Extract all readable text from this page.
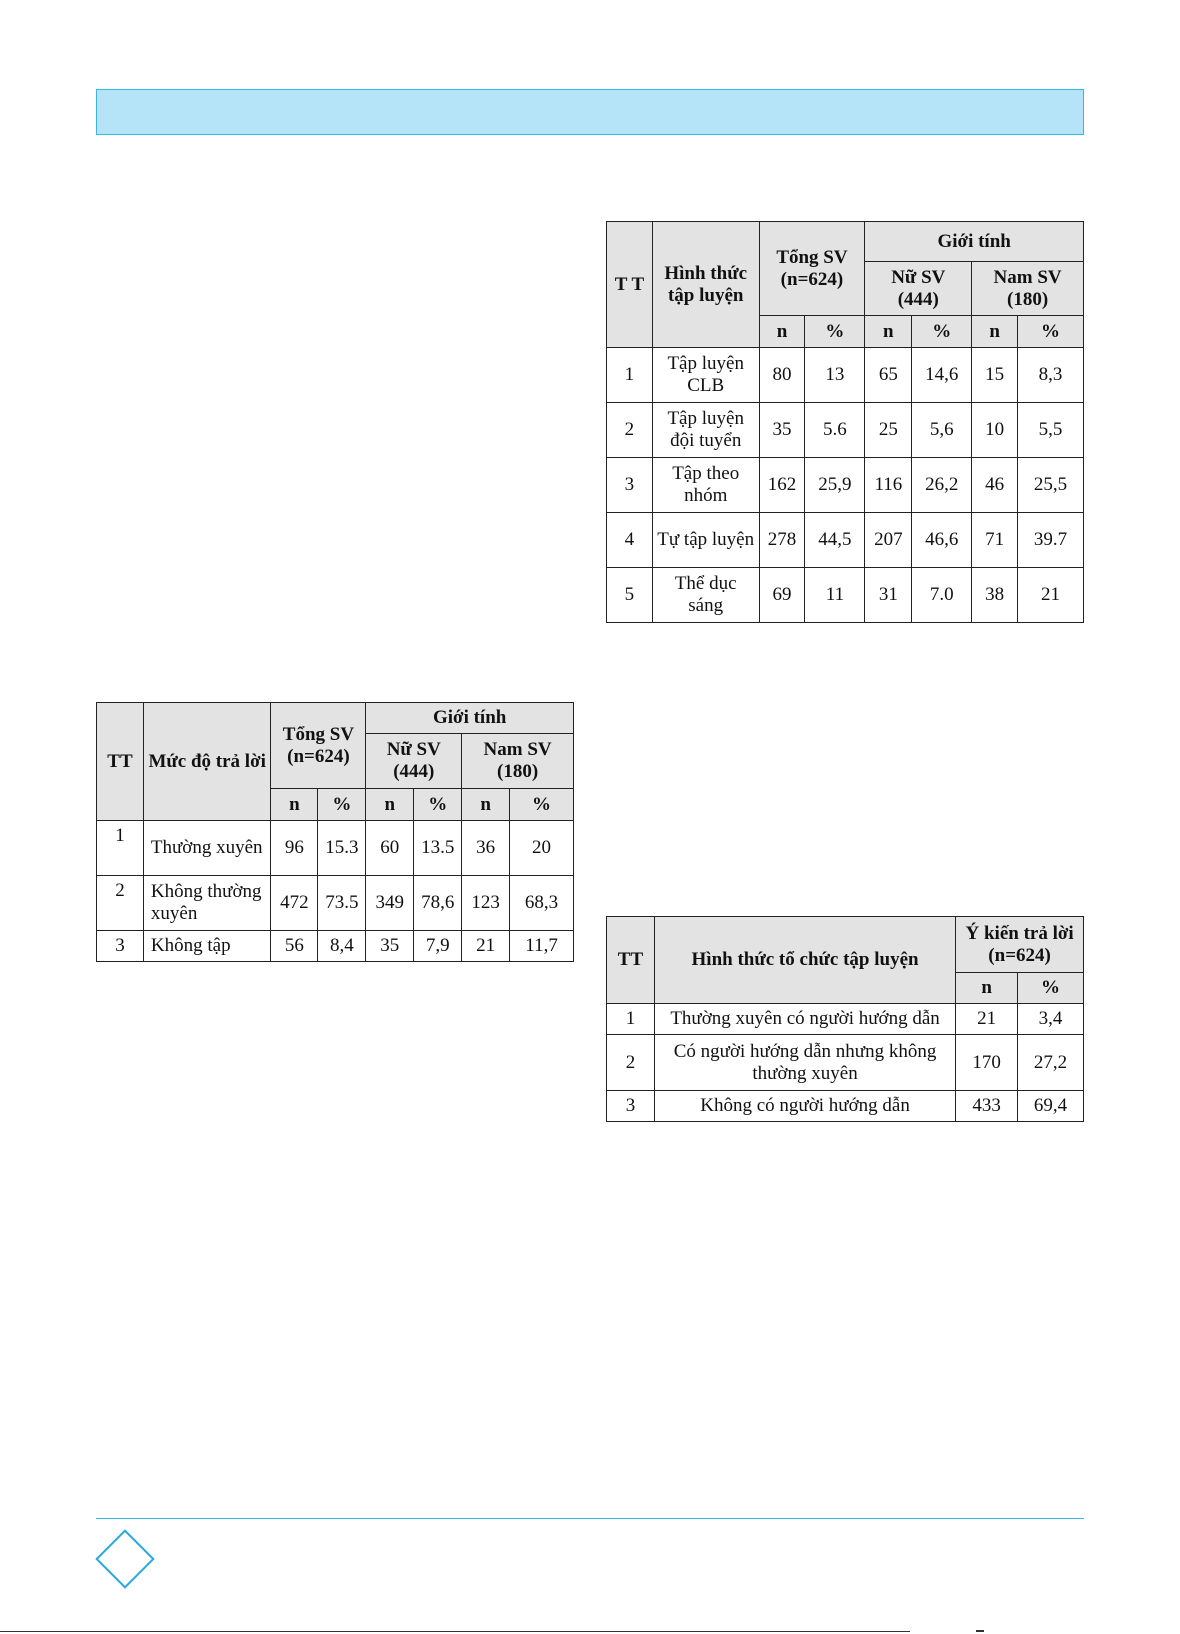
T T	Hình thức tập luyện	Tổng SV (n=624)		Giới tính			
				Nữ SV (444)		Nam SV (180)	
		n	%	n	%	n	%
1	Tập luyện CLB	80	13	65	14,6	15	8,3
2	Tập luyện đội tuyển	35	5.6	25	5,6	10	5,5
3	Tập theo nhóm	162	25,9	116	26,2	46	25,5
4	Tự tập luyện	278	44,5	207	46,6	71	39.7
5	Thể dục sáng	69	11	31	7.0	38	21
TT	Mức độ trả lời	Tổng SV (n=624)		Giới tính			
				Nữ SV (444)		Nam SV (180)	
		n	%	n	%	n	%
1	Thường xuyên	96	15.3	60	13.5	36	20
2	Không thường xuyên	472	73.5	349	78,6	123	68,3
3	Không tập	56	8,4	35	7,9	21	11,7
TT	Hình thức tổ chức tập luyện	Ý kiến trả lời (n=624)	
		n	%
1	Thường xuyên có người hướng dẫn	21	3,4
2	Có người hướng dẫn nhưng không thường xuyên	170	27,2
3	Không có người hướng dẫn	433	69,4
